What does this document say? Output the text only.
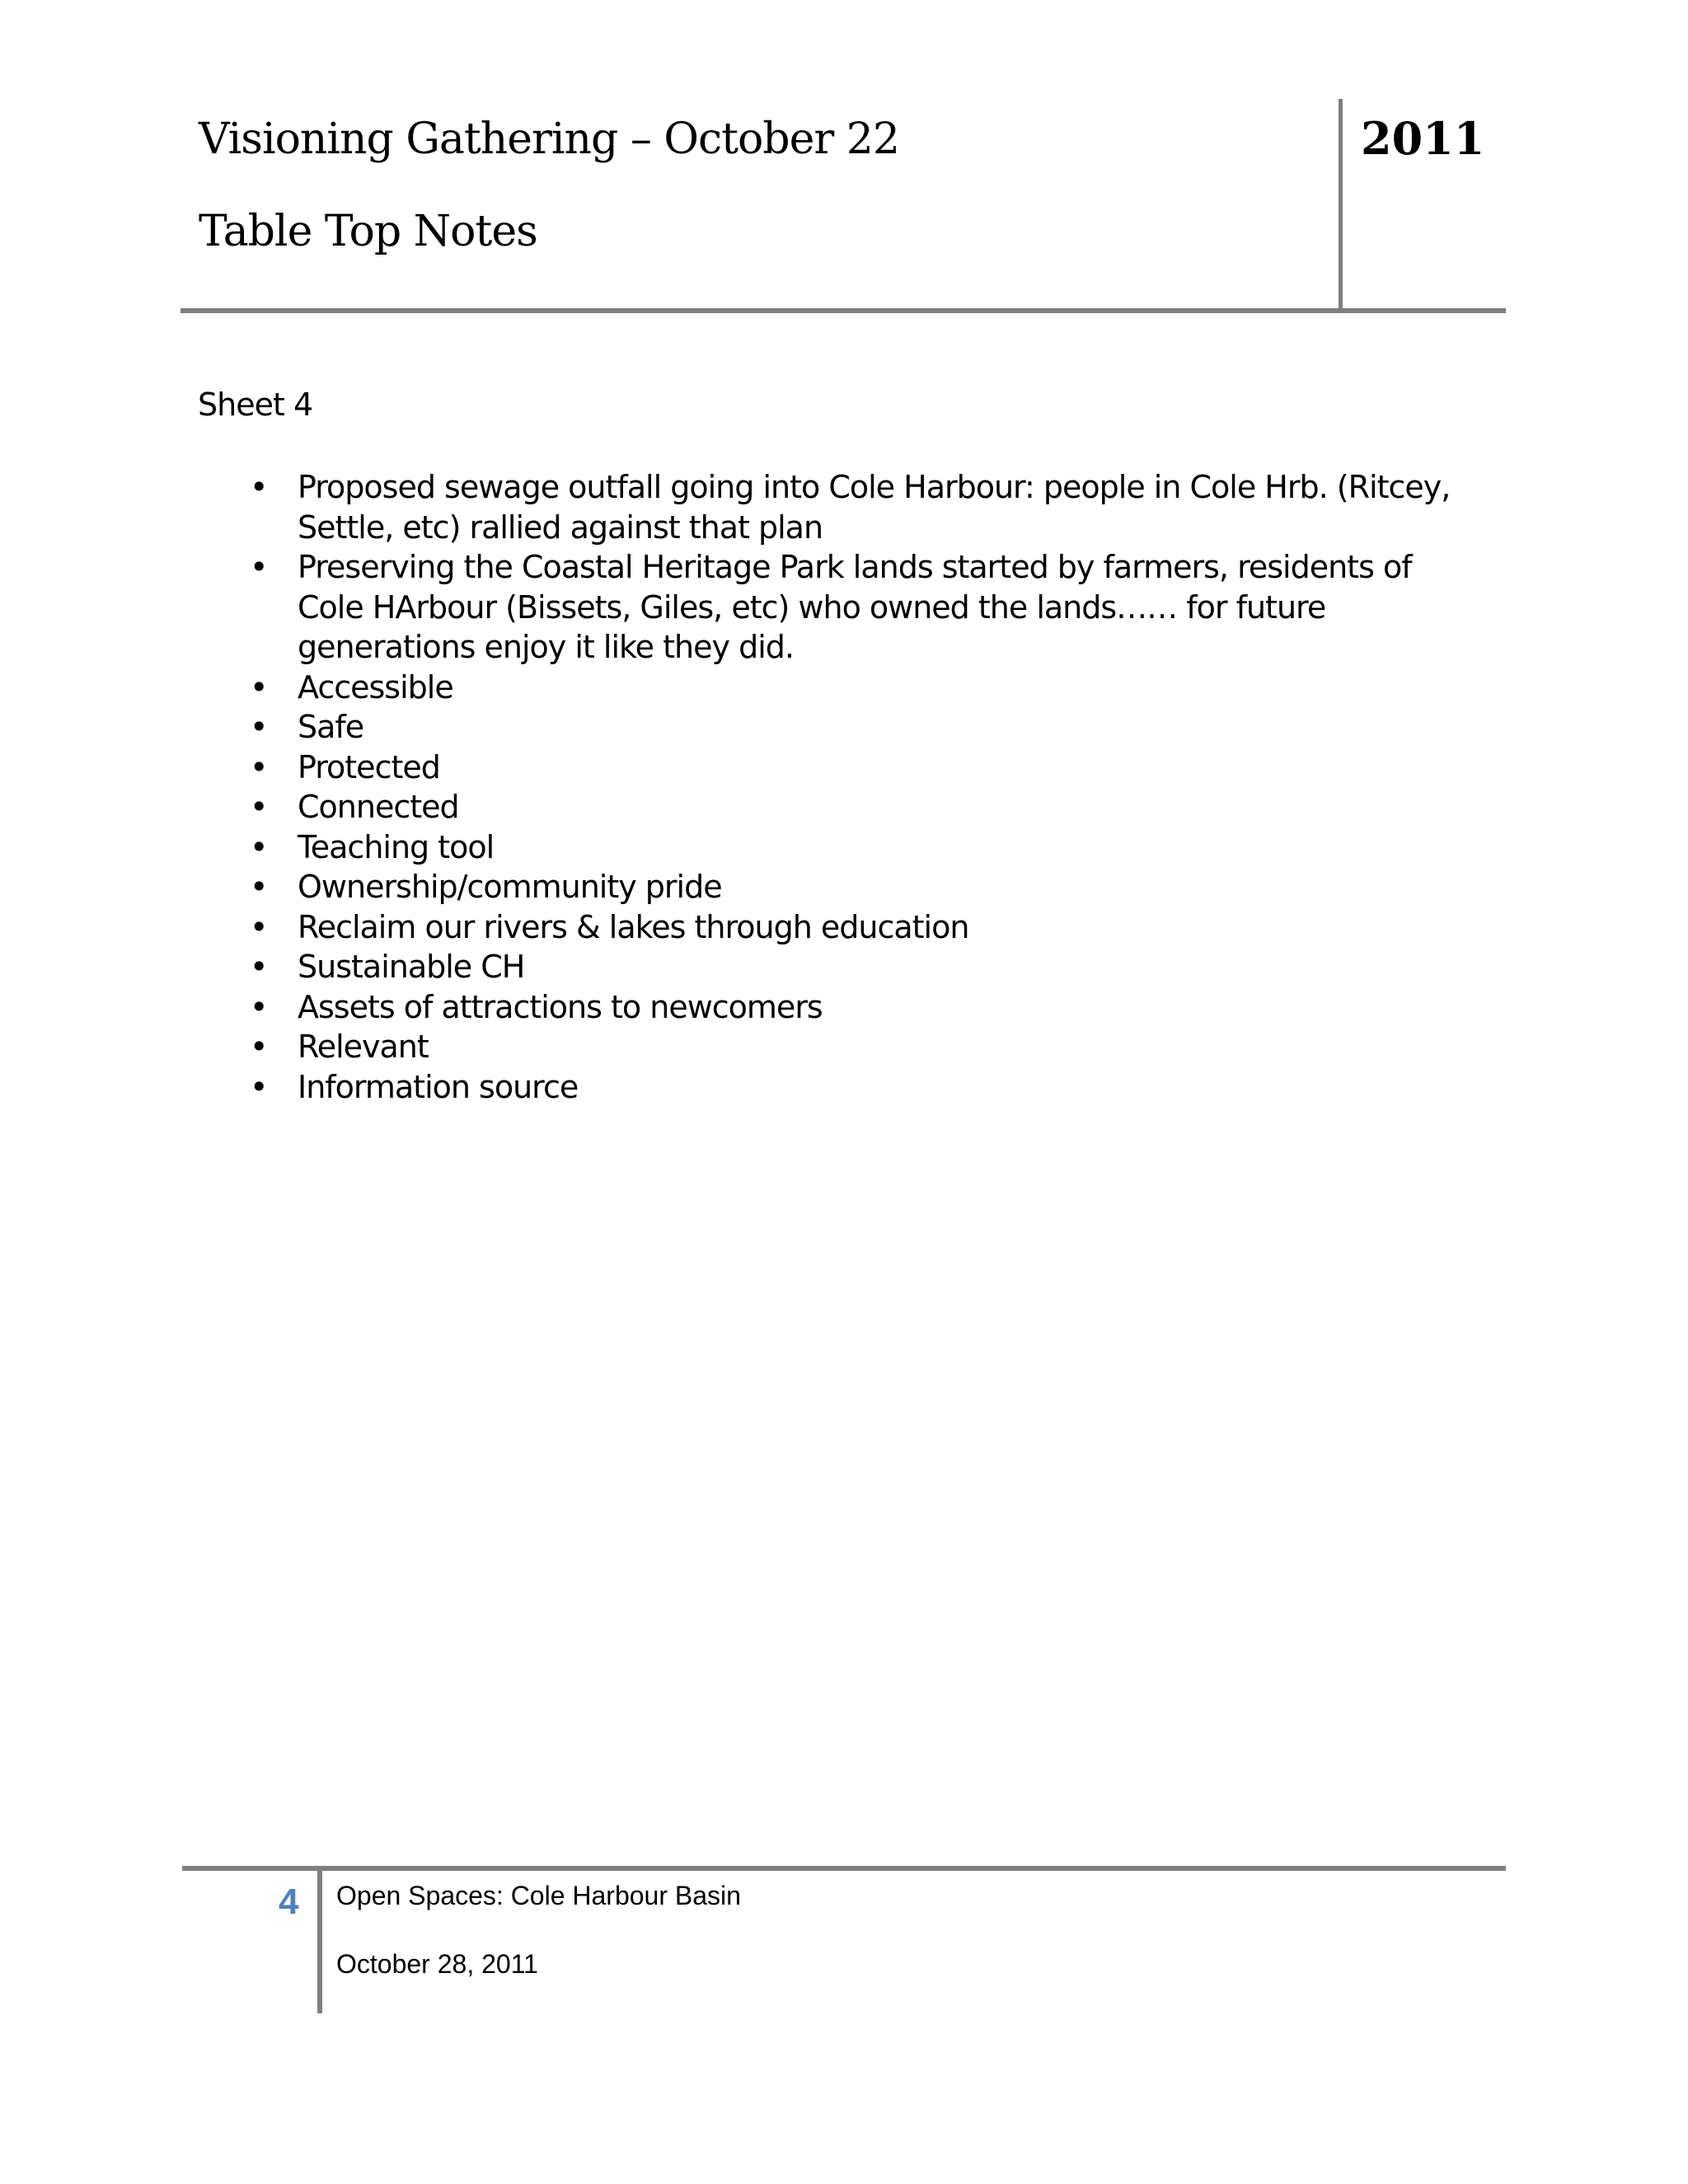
Visioning Gathering – October 22
Table Top Notes
2011
Sheet 4
• Proposed sewage outfall going into Cole Harbour: people in Cole Hrb. (Ritcey, Settle, etc) rallied against that plan
• Preserving the Coastal Heritage Park lands started by farmers, residents of Cole HArbour (Bissets, Giles, etc) who owned the lands…… for future generations enjoy it like they did.
• Accessible
• Safe
• Protected
• Connected
• Teaching tool
• Ownership/community pride
• Reclaim our rivers & lakes through education
• Sustainable CH
• Assets of attractions to newcomers
• Relevant
• Information source
4 Open Spaces: Cole Harbour Basin
October 28, 2011
